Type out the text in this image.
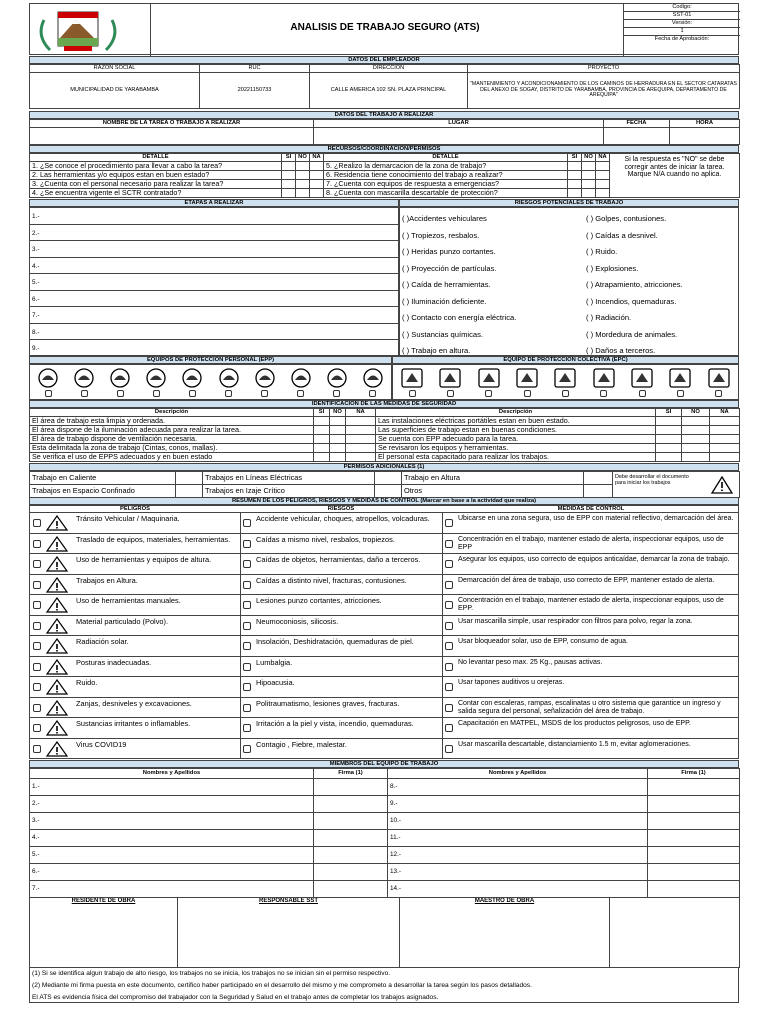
ANALISIS DE TRABAJO SEGURO (ATS)
Codigo:
SST-01
Versión:
1
Fecha de Aprobación:
DATOS DEL EMPLEADOR
RAZON SOCIAL	RUC	DIRECCION	PROYECTO
MUNICIPALIDAD DE YARABAMBA	20221150733	CALLE AMERICA 102 SN. PLAZA PRINCIPAL	"MANTENIMIENTO Y ACONDICIONAMIENTO DE LOS CAMINOS DE HERRADURA EN EL SECTOR CATARATAS DEL ANEXO DE SOGAY, DISTRITO DE YARABAMBA, PROVINCIA DE AREQUIPA, DEPARTAMENTO DE AREQUIPA"
DATOS DEL TRABAJO A REALIZAR
NOMBRE DE LA TAREA O TRABAJO A REALIZAR	LUGAR	FECHA	HORA

RECURSOS/COORDINACION/PERMISOS
DETALLE	SI	NO	NA	DETALLE	SI	NO	NA	Si la respuesta es "NO" se debe corregir antes de iniciar la tarea. Marque N/A cuando no aplica.
1. ¿Se conoce el procedimiento para llevar a cabo la tarea?				5. ¿Realizo la demarcacion de la zona de trabajo?				
2. Las herramientas y/o equipos estan en buen estado?				6. Residencia tiene conocimiento del trabajo a realizar?				
3. ¿Cuenta con el personal necesario para realizar la tarea?				7. ¿Cuenta con equipos de respuesta a emergencias?				
4. ¿Se encuentra vigente el SCTR contratado?				8. ¿Cuenta con mascarilla descartable de protección?				
ETAPAS A REALIZAR	RIESGOS POTENCIALES DE TRABAJO
1.-
2.-
3.-
4.-
5.-
6.-
7.-
8.-
9.-
( )Accidentes vehiculares
( ) Tropiezos, resbalos.
( ) Heridas punzo cortantes.
( ) Proyección de partículas.
( ) Caída de herramientas.
( ) Iluminación deficiente.
( ) Contacto con energía eléctrica.
( ) Sustancias químicas.
( ) Trabajo en altura.
( ) Golpes, contusiones.
( ) Caídas a desnivel.
( ) Ruido.
( ) Explosiones.
( ) Atrapamiento, atricciones.
( ) Incendios, quemaduras.
( ) Radiación.
( ) Mordedura de animales.
( ) Daños a terceros.
EQUIPOS DE PROTECCION PERSONAL (EPP)	EQUIPO DE PROTECCION COLECTIVA (EPC)
IDENTIFICACION DE LAS MEDIDAS DE SEGURIDAD
Descripción	SI	NO	NA	Descripción	SI	NO	NA
El área de trabajo esta limpia y ordenada.				Las instalaciones eléctricas portátiles estan en buen estado.			
El área dispone de la iluminación adecuada para realizar la tarea.				Las superficies de trabajo estan en buenas condiciones.			
El área de trabajo dispone de ventilación necesaria.				Se cuenta con EPP adecuado para la tarea.			
Esta delimitada la zona de trabajo (Cintas, conos, mallas).				Se revisaron los equipos y herramientas.			
Se verifica el uso de EPPS adecuados y en buen estado				El personal esta capacitado para realizar los trabajos.			
PERMISOS ADICIONALES (1)
Trabajo en Caliente		Trabajos en Líneas Eléctricas		Trabajo en Altura		Debe desarrollar el documento para iniciar los trabajos

Trabajos en Espacio Confinado		Trabajos en Izaje Crítico		Otros		
RESUMEN DE LOS PELIGROS, RIESGOS Y MEDIDAS DE CONTROL (Marcar en base a la actividad que realiza)
PELIGROS	RIESGOS	MEDIDAS DE CONTROL
Tránsito Vehicular / Maquinaria.	Accidente vehicular, choques, atropellos, volcaduras.	Ubicarse en una zona segura, uso de EPP con material reflectivo, demarcación del área.
Traslado de equipos, materiales, herramientas.	Caídas a mismo nivel, resbalos, tropiezos.	Concentración en el trabajo, mantener estado de alerta, inspeccionar equipos, uso de EPP
Uso de herramientas y equipos de altura.	Caídas de objetos, herramientas, daño a terceros.	Asegurar los equipos, uso correcto de equipos anticaídae, demarcar la zona de trabajo.
Trabajos en Altura.	Caídas a distinto nivel, fracturas, contusiones.	Demarcación del área de trabajo, uso correcto de EPP, mantener estado de alerta.
Uso de herramientas manuales.	Lesiones punzo cortantes, atricciones.	Concentración en el trabajo, mantener estado de alerta, inspeccionar equipos, uso de EPP.
Material particulado (Polvo).	Neumoconiosis, silicosis.	Usar mascarilla simple, usar respirador con filtros para polvo, regar la zona.
Radiación solar.	Insolación, Deshidratación, quemaduras de piel.	Usar bloqueador solar, uso de EPP, consumo de agua.
Posturas inadecuadas.	Lumbalgia.	No levantar peso max. 25 Kg., pausas activas.
Ruido.	Hipoacusia.	Usar tapones auditivos u orejeras.
Zanjas, desniveles y excavaciones.	Politraumatismo, lesiones graves, fracturas.	Contar con escaleras, rampas, escalinatas u otro sistema que garantice un ingreso y salida segura del personal, señalización del área de trabajo.
Sustancias irritantes o inflamables.	Irritación a la piel y vista, incendio, quemaduras.	Capacitación en MATPEL, MSDS de los productos peligrosos, uso de EPP.
Virus COVID19	Contagio , Fiebre, malestar.	Usar mascarilla descartable, distanciamiento 1.5 m, evitar aglomeraciones.
MIEMBROS DEL EQUIPO DE TRABAJO
Nombres y Apellidos	Firma (1)	Nombres y Apellidos	Firma (1)
1.-		8.-	
2.-		9.-	
3.-		10.-	
4.-		11.-	
5.-		12.-	
6.-		13.-	
7.-		14.-	
RESIDENTE DE OBRA	RESPONSABLE SST	MAESTRO DE OBRA	
(1) Si se identifica algun trabajo de alto riesgo, los trabajos no se inicia, los trabajos no se inician sin el permiso respectivo.
(2) Mediante mi firma puesta en este documento, certifico haber participado en el desarrollo del mismo y me comprometo a desarrollar la tarea según los pasos detallados.
El ATS es evidencia física del compromiso del trabajador con la Seguridad y Salud en el trabajo antes de completar los trabajos asignados.
